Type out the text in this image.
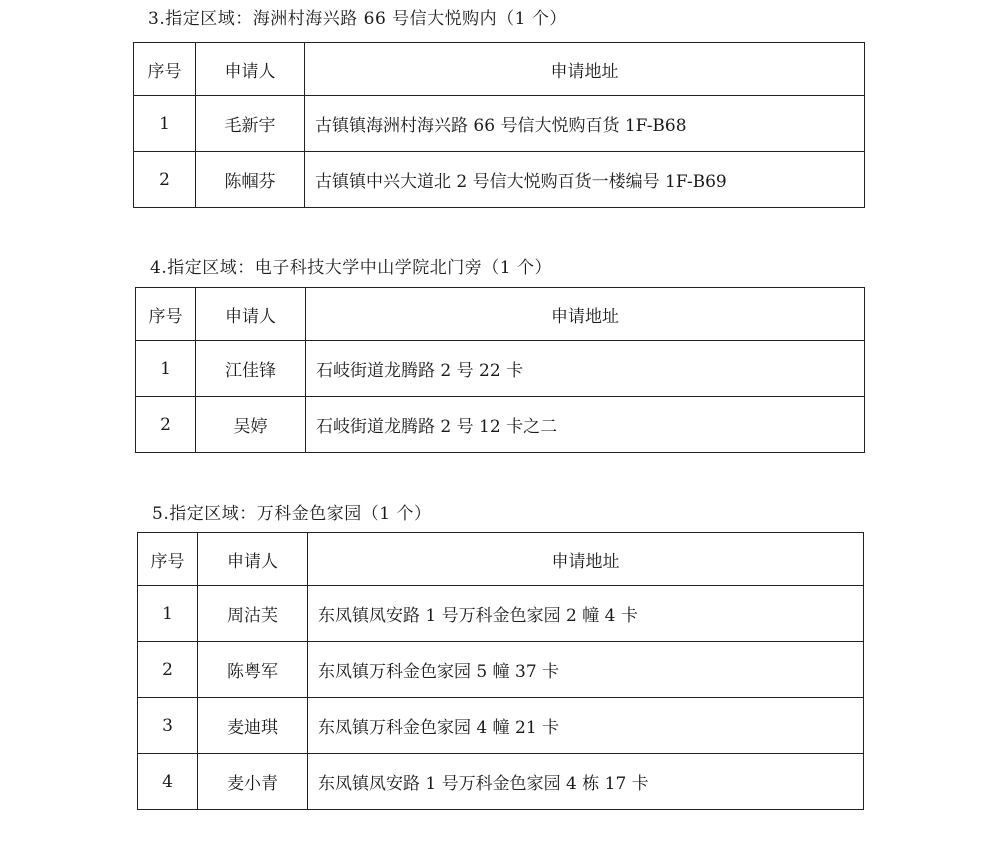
3.指定区域：海洲村海兴路 66 号信大悦购内（1 个）
序号	申请人	申请地址
1	毛新宇	古镇镇海洲村海兴路 66 号信大悦购百货 1F-B68
2	陈帼芬	古镇镇中兴大道北 2 号信大悦购百货一楼编号 1F-B69
4.指定区域：电子科技大学中山学院北门旁（1 个）
序号	申请人	申请地址
1	江佳锋	石岐街道龙腾路 2 号 22 卡
2	吴婷	石岐街道龙腾路 2 号 12 卡之二
5.指定区域：万科金色家园（1 个）
序号	申请人	申请地址
1	周沽芙	东凤镇凤安路 1 号万科金色家园 2 幢 4 卡
2	陈粤军	东凤镇万科金色家园 5 幢 37 卡
3	麦迪琪	东凤镇万科金色家园 4 幢 21 卡
4	麦小青	东凤镇凤安路 1 号万科金色家园 4 栋 17 卡
